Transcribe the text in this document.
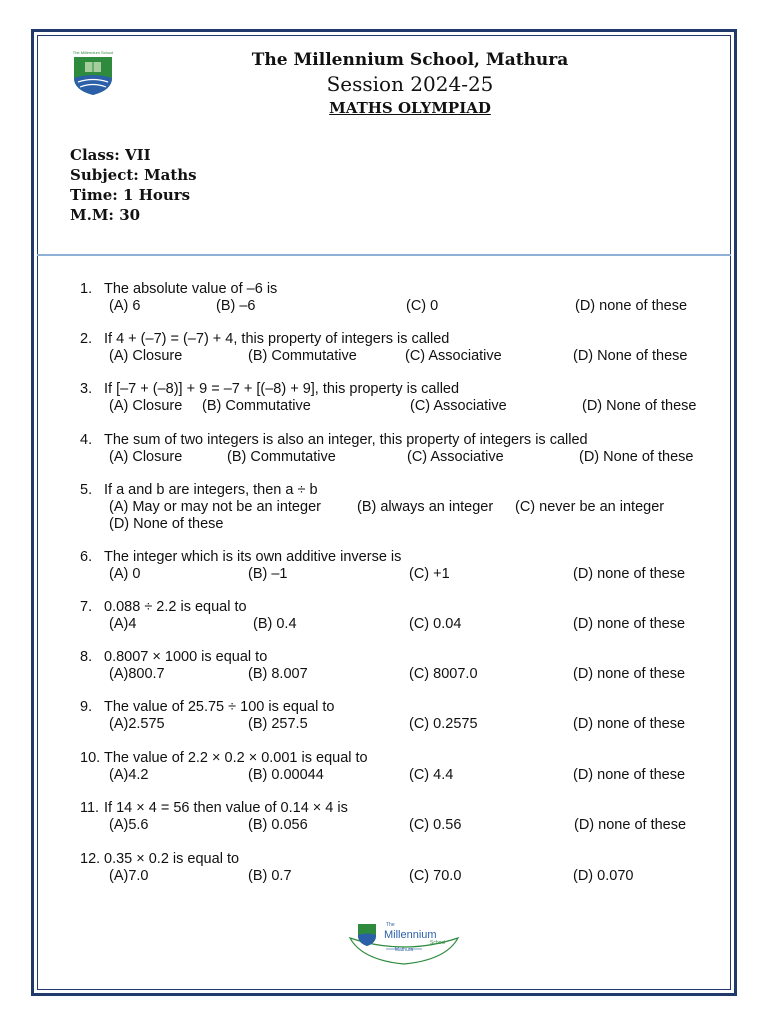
The Millennium School	The Millennium School, Mathura
Session 2024-25
MATHS OLYMPIAD
Class: VII
Subject: Maths
Time: 1 Hours
M.M: 30
1. The absolute value of –6 is
(A) 6	(B) –6	(C) 0	(D) none of these
2. If 4 + (–7) = (–7) + 4, this property of integers is called
(A) Closure	(B) Commutative	(C) Associative	(D) None of these
3. If [–7 + (–8)] + 9 = –7 + [(–8) + 9], this property is called
(A) Closure (B) Commutative	(C) Associative	(D) None of these
4. The sum of two integers is also an integer, this property of integers is called
(A) Closure	(B) Commutative	(C) Associative	(D) None of these
5. If a and b are integers, then a ÷ b
(A) May or may not be an integer (B) always an integer (C) never be an integer
(D) None of these
6. The integer which is its own additive inverse is
(A) 0	(B) –1	(C) +1	(D) none of these
7. 0.088 ÷ 2.2 is equal to
(A)4	(B) 0.4	(C) 0.04	(D) none of these
8. 0.8007 × 1000 is equal to
(A)800.7	(B) 8.007	(C) 8007.0	(D) none of these
9. The value of 25.75 ÷ 100 is equal to
(A)2.575	(B) 257.5	(C) 0.2575	(D) none of these
10. The value of 2.2 × 0.2 × 0.001 is equal to
(A)4.2	(B) 0.00044	(C) 4.4	(D) none of these
11. If 14 × 4 = 56 then value of 0.14 × 4 is
(A)5.6	(B) 0.056	(C) 0.56	(D) none of these
12. 0.35 × 0.2 is equal to
(A)7.0	(B) 0.7	(C) 70.0	(D) 0.070
The
Millennium
School
Mathura
